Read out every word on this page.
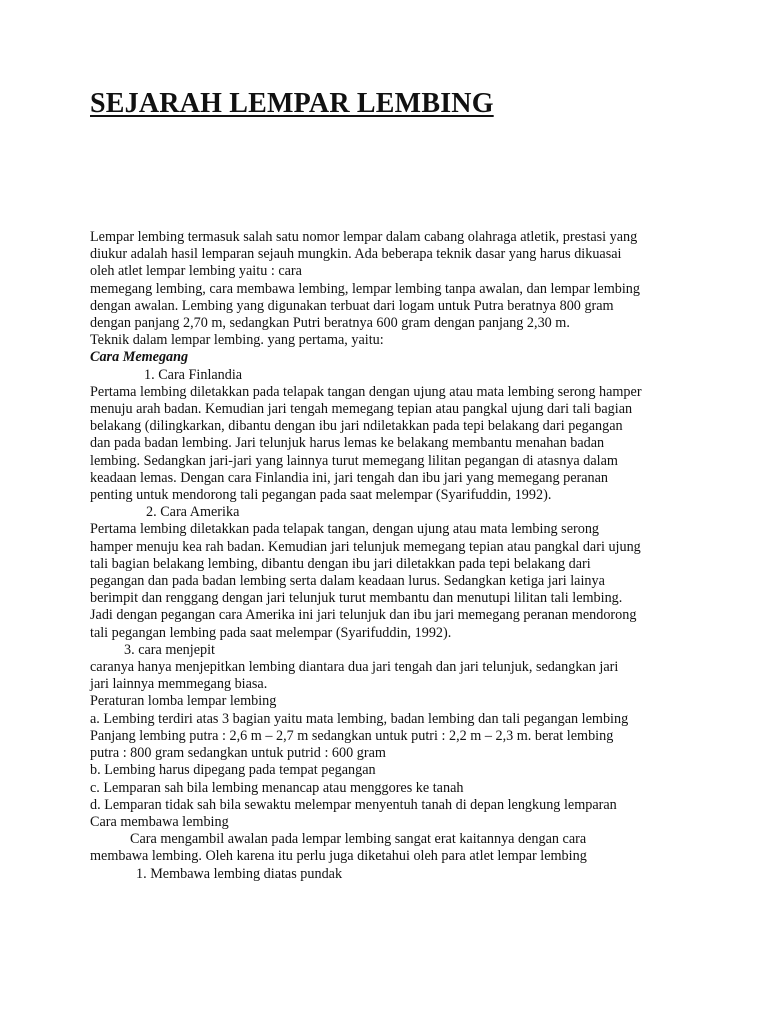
SEJARAH LEMPAR LEMBING
Lempar lembing termasuk salah satu nomor lempar dalam cabang olahraga atletik, prestasi yang
diukur adalah hasil lemparan sejauh mungkin. Ada beberapa teknik dasar yang harus dikuasai
oleh atlet lempar lembing yaitu : cara
memegang lembing, cara membawa lembing, lempar lembing tanpa awalan, dan lempar lembing
dengan awalan. Lembing yang digunakan terbuat dari logam untuk Putra beratnya 800 gram
dengan panjang 2,70 m, sedangkan Putri beratnya 600 gram dengan panjang 2,30 m.
Teknik dalam lempar lembing. yang pertama, yaitu:
Cara Memegang
1. Cara Finlandia
Pertama lembing diletakkan pada telapak tangan dengan ujung atau mata lembing serong hamper
menuju arah badan. Kemudian jari tengah memegang tepian atau pangkal ujung dari tali bagian
belakang (dilingkarkan, dibantu dengan ibu jari ndiletakkan pada tepi belakang dari pegangan
dan pada badan lembing. Jari telunjuk harus lemas ke belakang membantu menahan badan
lembing. Sedangkan jari-jari yang lainnya turut memegang lilitan pegangan di atasnya dalam
keadaan lemas. Dengan cara Finlandia ini, jari tengah dan ibu jari yang memegang peranan
penting untuk mendorong tali pegangan pada saat melempar (Syarifuddin, 1992).
2. Cara Amerika
Pertama lembing diletakkan pada telapak tangan, dengan ujung atau mata lembing serong
hamper menuju kea rah badan. Kemudian jari telunjuk memegang tepian atau pangkal dari ujung
tali bagian belakang lembing, dibantu dengan ibu jari diletakkan pada tepi belakang dari
pegangan dan pada badan lembing serta dalam keadaan lurus. Sedangkan ketiga jari lainya
berimpit dan renggang dengan jari telunjuk turut membantu dan menutupi lilitan tali lembing.
Jadi dengan pegangan cara Amerika ini jari telunjuk dan ibu jari memegang peranan mendorong
tali pegangan lembing pada saat melempar (Syarifuddin, 1992).
3. cara menjepit
caranya hanya menjepitkan lembing diantara dua jari tengah dan jari telunjuk, sedangkan jari
jari lainnya memmegang biasa.
Peraturan lomba lempar lembing
a. Lembing terdiri atas 3 bagian yaitu mata lembing, badan lembing dan tali pegangan lembing
Panjang lembing putra : 2,6 m – 2,7 m sedangkan untuk putri : 2,2 m – 2,3 m. berat lembing
putra : 800 gram sedangkan untuk putrid : 600 gram
b. Lembing harus dipegang pada tempat pegangan
c. Lemparan sah bila lembing menancap atau menggores ke tanah
d. Lemparan tidak sah bila sewaktu melempar menyentuh tanah di depan lengkung lemparan
Cara membawa lembing
Cara mengambil awalan pada lempar lembing sangat erat kaitannya dengan cara
membawa lembing. Oleh karena itu perlu juga diketahui oleh para atlet lempar lembing
1. Membawa lembing diatas pundak
